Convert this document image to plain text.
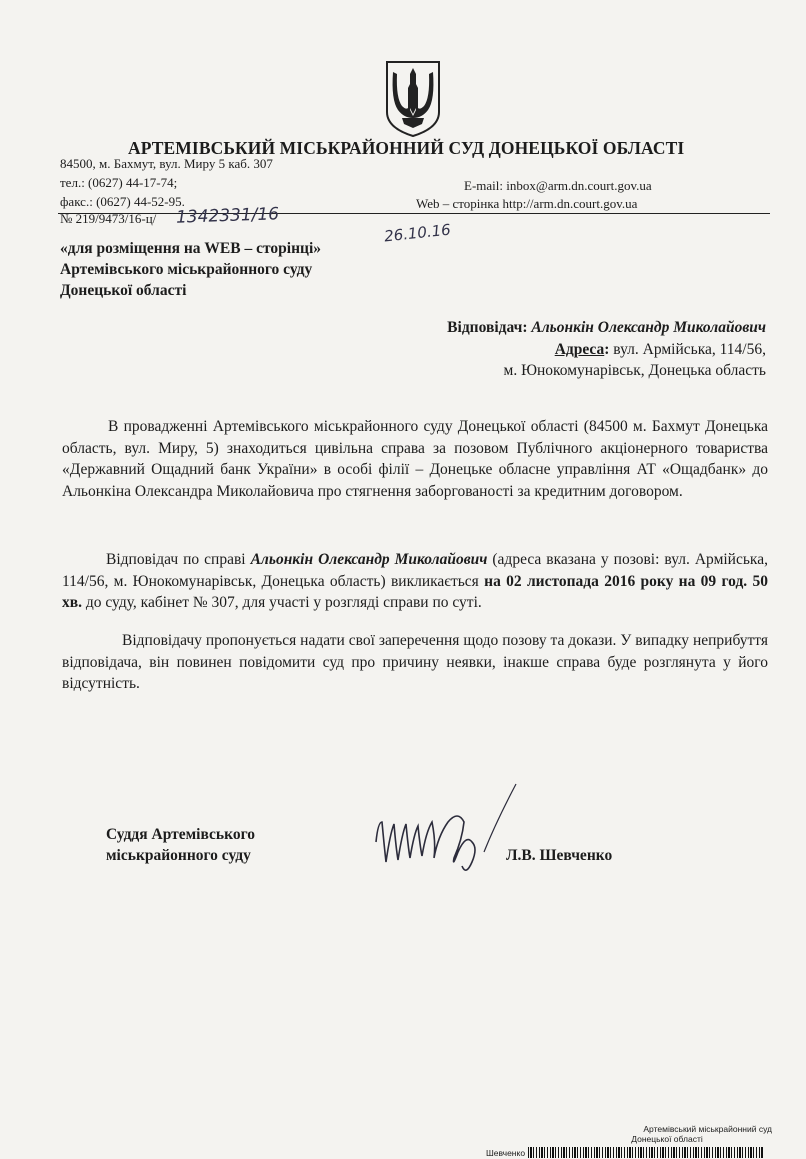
АРТЕМІВСЬКИЙ МІСЬКРАЙОННИЙ СУД ДОНЕЦЬКОЇ ОБЛАСТІ
84500, м. Бахмут, вул. Миру 5 каб. 307
тел.: (0627) 44-17-74;
факс.: (0627) 44-52-95.
E-mail: inbox@arm.dn.court.gov.ua
Web – сторінка http://arm.dn.court.gov.ua
№ 219/9473/16-ц/ 1342331/16
26.10.16
«для розміщення на WEB – сторінці»
Артемівського міськрайонного суду
Донецької області
Відповідач: Альонкін Олександр Миколайович
Адреса: вул. Армійська, 114/56,
м. Юнокомунарівськ, Донецька область
В провадженні Артемівського міськрайонного суду Донецької області (84500 м. Бахмут Донецька область, вул. Миру, 5) знаходиться цивільна справа за позовом Публічного акціонерного товариства «Державний Ощадний банк України» в особі філії – Донецьке обласне управління АТ «Ощадбанк» до Альонкіна Олександра Миколайовича про стягнення заборгованості за кредитним договором.
Відповідач по справі Альонкін Олександр Миколайович (адреса вказана у позові: вул. Армійська, 114/56, м. Юнокомунарівськ, Донецька область) викликається на 02 листопада 2016 року на 09 год. 50 хв. до суду, кабінет № 307, для участі у розгляді справи по суті.
Відповідачу пропонується надати свої заперечення щодо позову та докази. У випадку неприбуття відповідача, він повинен повідомити суд про причину неявки, інакше справа буде розглянута у його відсутність.
Суддя Артемівського
міськрайонного суду	Л.В. Шевченко
Артемівський міськрайонний суд
Донецької області
Шевченко
